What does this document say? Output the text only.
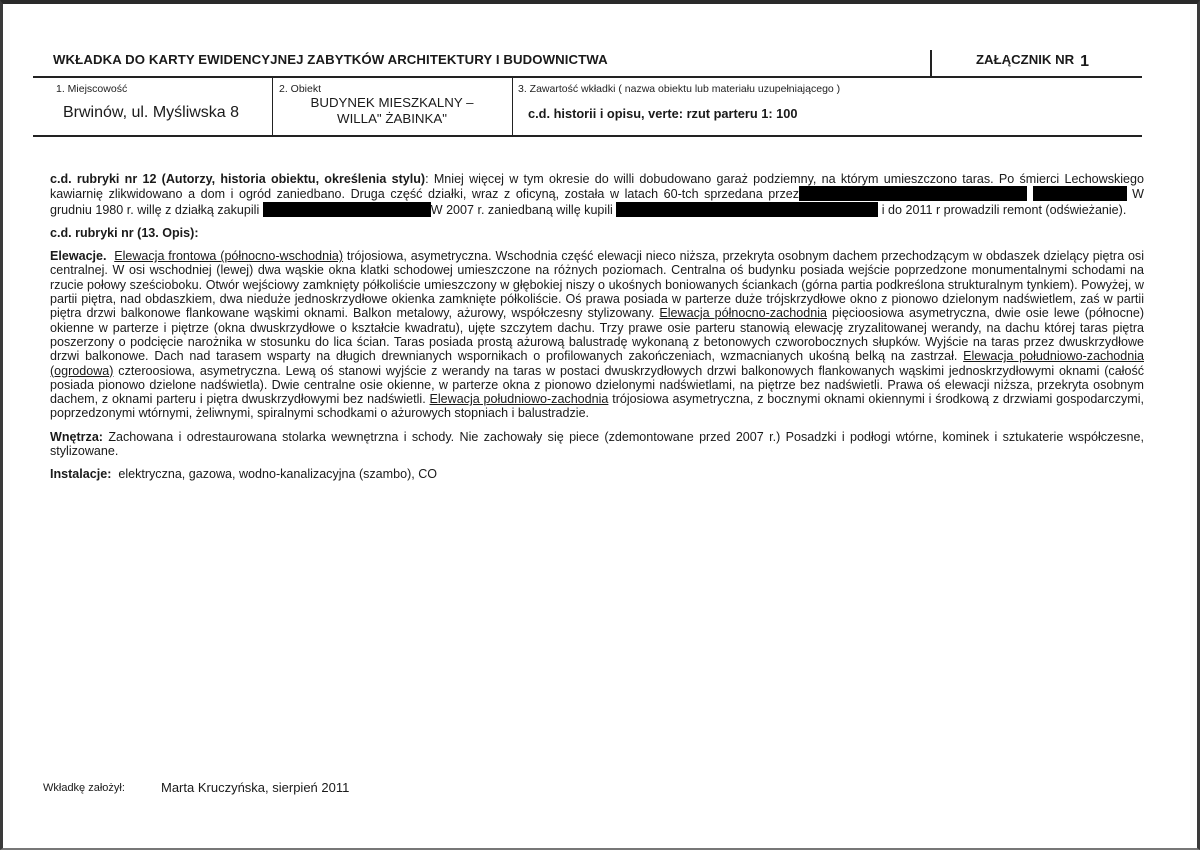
WKŁADKA DO KARTY EWIDENCYJNEJ ZABYTKÓW ARCHITEKTURY I BUDOWNICTWA	ZAŁĄCZNIK NR 1
1. Miejscowość
Brwinów, ul. Myśliwska 8
2. Obiekt
BUDYNEK MIESZKALNY –
WILLA" ŻABINKA"
3. Zawartość wkładki ( nazwa obiektu lub materiału uzupełniającego )
c.d. historii i opisu, verte: rzut parteru 1: 100

c.d. rubryki nr 12 (Autorzy, historia obiektu, określenia stylu): Mniej więcej w tym okresie do willi dobudowano garaż podziemny, na którym umieszczono taras. Po śmierci Lechowskiego kawiarnię zlikwidowano a dom i ogród zaniedbano. Druga część działki, wraz z oficyną, została w latach 60-tch sprzedana przez	W grudniu 1980 r. willę z działką zakupili	W 2007 r. zaniedbaną willę kupili	i do 2011 r prowadzili remont (odświeżanie).

c.d. rubryki nr (13. Opis):

Elewacje. Elewacja frontowa (północno-wschodnia) trójosiowa, asymetryczna. Wschodnia część elewacji nieco niższa, przekryta osobnym dachem przechodzącym w obdaszek dzielący piętra osi centralnej. W osi wschodniej (lewej) dwa wąskie okna klatki schodowej umieszczone na różnych poziomach. Centralna oś budynku posiada wejście poprzedzone monumentalnymi schodami na rzucie połowy sześcioboku. Otwór wejściowy zamknięty półkoliście umieszczony w głębokiej niszy o ukośnych boniowanych ściankach (górna partia podkreślona strukturalnym tynkiem). Powyżej, w partii piętra, nad obdaszkiem, dwa nieduże jednoskrzydłowe okienka zamknięte półkoliście. Oś prawa posiada w parterze duże trójskrzydłowe okno z pionowo dzielonym nadświetlem, zaś w partii piętra drzwi balkonowe flankowane wąskimi oknami. Balkon metalowy, ażurowy, współczesny stylizowany. Elewacja północno-zachodnia pięcioosiowa asymetryczna, dwie osie lewe (północne) okienne w parterze i piętrze (okna dwuskrzydłowe o kształcie kwadratu), ujęte szczytem dachu. Trzy prawe osie parteru stanowią elewację zryzalitowanej werandy, na dachu której taras piętra poszerzony o podcięcie narożnika w stosunku do lica ścian. Taras posiada prostą ażurową balustradę wykonaną z betonowych czworobocznych słupków. Wyjście na taras przez dwuskrzydłowe drzwi balkonowe. Dach nad tarasem wsparty na długich drewnianych wspornikach o profilowanych zakończeniach, wzmacnianych ukośną belką na zastrzał. Elewacja południowo-zachodnia (ogrodowa) czteroosiowa, asymetryczna. Lewą oś stanowi wyjście z werandy na taras w postaci dwuskrzydłowych drzwi balkonowych flankowanych wąskimi jednoskrzydłowymi oknami (całość posiada pionowo dzielone nadświetla). Dwie centralne osie okienne, w parterze okna z pionowo dzielonymi nadświetlami, na piętrze bez nadświetli. Prawa oś elewacji niższa, przekryta osobnym dachem, z oknami parteru i piętra dwuskrzydłowymi bez nadświetli. Elewacja południowo-zachodnia trójosiowa asymetryczna, z bocznymi oknami okiennymi i środkową z drzwiami gospodarczymi, poprzedzonymi wtórnymi, żeliwnymi, spiralnymi schodkami o ażurowych stopniach i balustradzie.

Wnętrza: Zachowana i odrestaurowana stolarka wewnętrzna i schody. Nie zachowały się piece (zdemontowane przed 2007 r.) Posadzki i podłogi wtórne, kominek i sztukaterie współczesne, stylizowane.

Instalacje:  elektryczna, gazowa, wodno-kanalizacyjna (szambo), CO

Wkładkę założył:	Marta Kruczyńska, sierpień 2011
